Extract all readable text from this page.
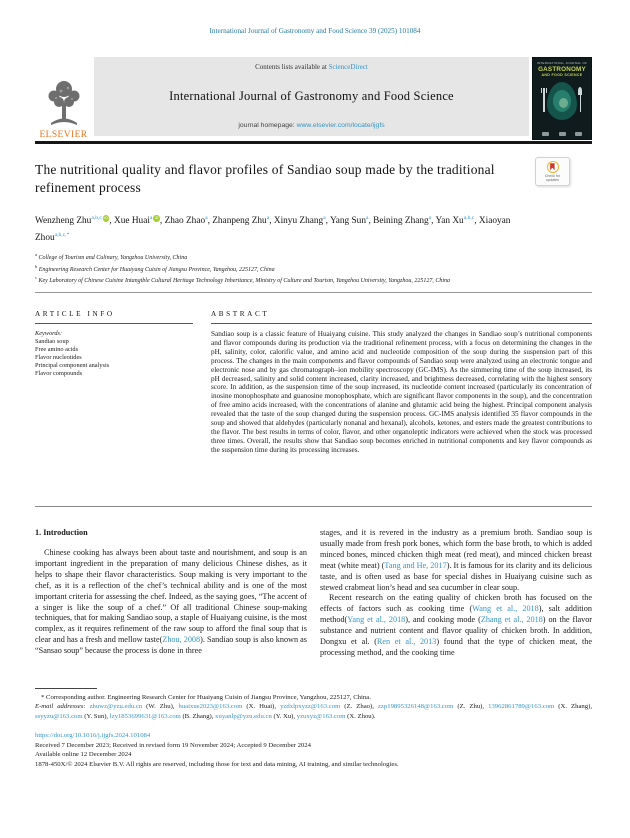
International Journal of Gastronomy and Food Science 39 (2025) 101084
ELSEVIER
Contents lists available at ScienceDirect
International Journal of Gastronomy and Food Science
journal homepage: www.elsevier.com/locate/ijgfs
INTERNATIONAL JOURNAL OF
GASTRONOMY
AND FOOD SCIENCE
The nutritional quality and flavor profiles of Sandiao soup made by the traditional refinement process
Check for
updates
Wenzheng Zhu$^{a,b,c}$ iD , Xue Huai$^a$ iD , Zhao Zhao$^a$, Zhanpeng Zhu$^a$, Xinyu Zhang$^a$, Yang Sun$^a$, Beining Zhang$^a$, Yan Xu$^{a,b,c}$, Xiaoyan Zhou$^{a,b,c,*}$
$^a$ College of Tourism and Culinary, Yangzhou University, China
$^b$ Engineering Research Center for Huaiyang Cuisin of Jiangsu Province, Yangzhou, 225127, China
$^c$ Key Laboratory of Chinese Cuisine Intangible Cultural Heritage Technology Inheritance, Ministry of Culture and Tourism, Yangzhou University, Yangzhou, 225127, China
ARTICLE INFO
Keywords:
Sandiao soup
Free amino acids
Flavor nucleotides
Principal component analysis
Flavor compounds
ABSTRACT

Sandiao soup is a classic feature of Huaiyang cuisine. This study analyzed the changes in Sandiao soup’s nutritional components and flavor compounds during its production via the traditional refinement process, with a focus on determining the changes in the pH, salinity, color, calorific value, and amino acid and nucleotide composition of the soup during the suspension part of this process. The changes in the main components and flavor compounds of Sandiao soup were analyzed using an electronic tongue and electronic nose and by gas chromatograph–ion mobility spectroscopy (GC-IMS). As the simmering time of the soup increased, its pH decreased, salinity and solid content increased, clarity increased, and brightness decreased, correlating with the highest sensory score. In addition, as the suspension time of the soup increased, its nucleotide content increased (particularly its concentration of inosine monophosphate and guanosine monophosphate, which are significant flavor components in the soup), and the concentration of free amino acids increased, with the concentrations of alanine and glutamic acid being the highest. Principal component analysis revealed that the taste of the soup changed during the suspension process. GC-IMS analysis identified 35 flavor compounds in the soup and showed that aldehydes (particularly nonanal and hexanal), alcohols, ketones, and esters made the greatest contributions to the flavor. The best results in terms of color, flavor, and other organoleptic indicators were achieved when the stock was processed three times. Overall, the results show that Sandiao soup becomes enriched in nutritional components and key flavor compounds as the suspension time during its processing increases.

1. Introduction

Chinese cooking has always been about taste and nourishment, and soup is an important ingredient in the preparation of many delicious Chinese dishes, as it helps to shape their flavor characteristics. Soup making is very important to the chef, as it is a reflection of the chef’s technical ability and is one of the most important criteria for assessing the chef. Indeed, as the saying goes, “The accent of a singer is like the soup of a chef.” Of all traditional Chinese soup-making techniques, that for making Sandiao soup, a staple of Huaiyang cuisine, is the most complex, as it requires refinement of the raw soup to afford the final soup that is clear and has a fresh and mellow taste(Zhou, 2008). Sandiao soup is also known as “Sansao soup” because the process is done in three

stages, and it is revered in the industry as a premium broth. Sandiao soup is usually made from fresh pork bones, which form the base broth, to which is added minced bones, minced chicken thigh meat (red meat), and minced chicken breast meat (white meat) (Tang and He, 2017). It is famous for its clarity and its delicious taste, and is often used as base for special dishes in Huaiyang cuisine such as stewed crabmeat lion’s head and sea cucumber in clear soup.

Recent research on the eating quality of chicken broth has focused on the effects of factors such as cooking time (Wang et al., 2018), salt addition method(Yang et al., 2018), and cooking mode (Zhang et al., 2018) on the flavor substance and nutrient content and flavor quality of chicken broth. In addition, Dongxu et al. (Ren et al., 2013) found that the type of chicken meat, the processing method, and the cooking time

* Corresponding author. Engineering Research Center for Huaiyang Cuisin of Jiangsu Province, Yangzhou, 225127, China.

E-mail addresses: zhuwz@yzu.edu.cn (W. Zhu), huaixue2023@163.com (X. Huai), yzdxlpxyzz@163.com (Z. Zhao), zzp19895326148@163.com (Z. Zhu), 13962861789@163.com (X. Zhang), ssyyzu@163.com (Y. Sun), lzy1853699631@163.com (B. Zhang), xuyanlp@yzu.edu.cn (Y. Xu), yzuxyz@163.com (X. Zhou).

https://doi.org/10.1016/j.ijgfs.2024.101084
Received 7 December 2023; Received in revised form 19 November 2024; Accepted 9 December 2024
Available online 12 December 2024
1878-450X/© 2024 Elsevier B.V. All rights are reserved, including those for text and data mining, AI training, and similar technologies.
